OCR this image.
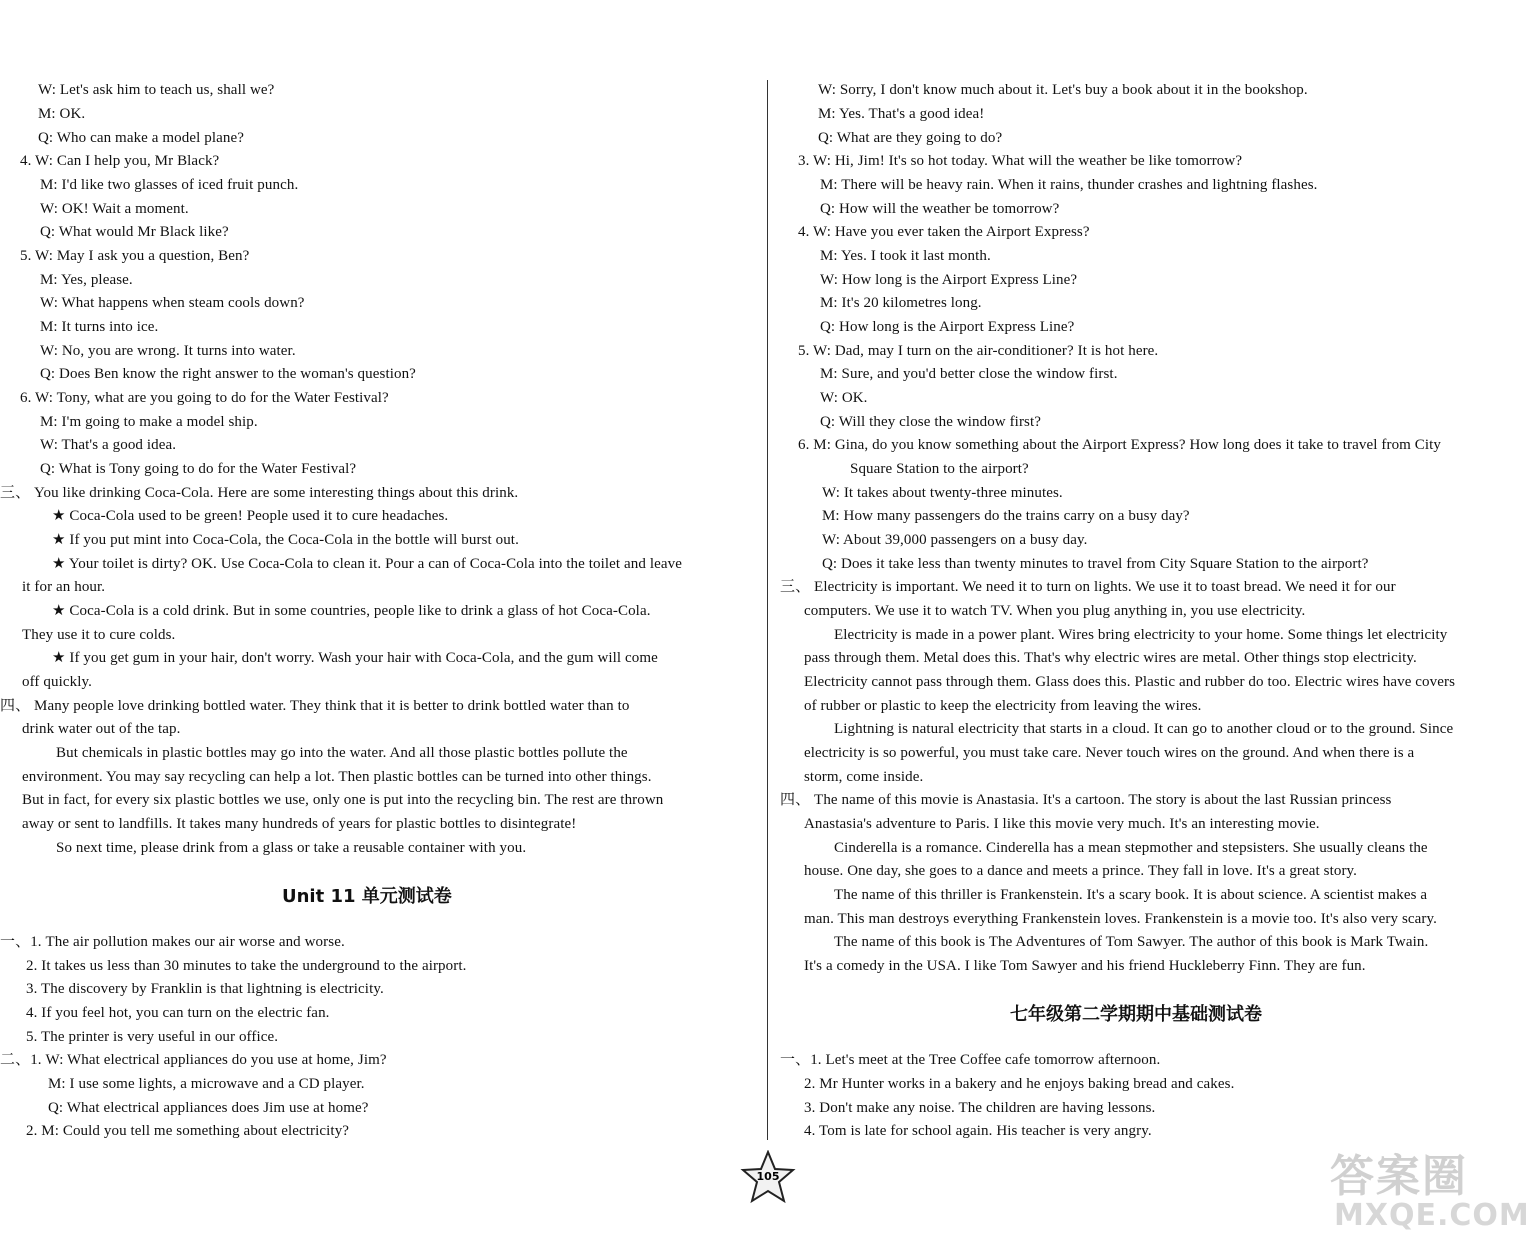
W: Let's ask him to teach us, shall we?
M: OK.
Q: Who can make a model plane?
4. W: Can I help you, Mr Black?
M: I'd like two glasses of iced fruit punch.
W: OK! Wait a moment.
Q: What would Mr Black like?
5. W: May I ask you a question, Ben?
M: Yes, please.
W: What happens when steam cools down?
M: It turns into ice.
W: No, you are wrong. It turns into water.
Q: Does Ben know the right answer to the woman's question?
6. W: Tony, what are you going to do for the Water Festival?
M: I'm going to make a model ship.
W: That's a good idea.
Q: What is Tony going to do for the Water Festival?
三、 You like drinking Coca-Cola. Here are some interesting things about this drink.
★ Coca-Cola used to be green! People used it to cure headaches.
★ If you put mint into Coca-Cola, the Coca-Cola in the bottle will burst out.
★ Your toilet is dirty? OK. Use Coca-Cola to clean it. Pour a can of Coca-Cola into the toilet and leave
it for an hour.
★ Coca-Cola is a cold drink. But in some countries, people like to drink a glass of hot Coca-Cola.
They use it to cure colds.
★ If you get gum in your hair, don't worry. Wash your hair with Coca-Cola, and the gum will come
off quickly.
四、 Many people love drinking bottled water. They think that it is better to drink bottled water than to
drink water out of the tap.
But chemicals in plastic bottles may go into the water. And all those plastic bottles pollute the
environment. You may say recycling can help a lot. Then plastic bottles can be turned into other things.
But in fact, for every six plastic bottles we use, only one is put into the recycling bin. The rest are thrown
away or sent to landfills. It takes many hundreds of years for plastic bottles to disintegrate!
So next time, please drink from a glass or take a reusable container with you.
Unit 11 单元测试卷
一、1. The air pollution makes our air worse and worse.
2. It takes us less than 30 minutes to take the underground to the airport.
3. The discovery by Franklin is that lightning is electricity.
4. If you feel hot, you can turn on the electric fan.
5. The printer is very useful in our office.
二、1. W: What electrical appliances do you use at home, Jim?
M: I use some lights, a microwave and a CD player.
Q: What electrical appliances does Jim use at home?
2. M: Could you tell me something about electricity?
W: Sorry, I don't know much about it. Let's buy a book about it in the bookshop.
M: Yes. That's a good idea!
Q: What are they going to do?
3. W: Hi, Jim! It's so hot today. What will the weather be like tomorrow?
M: There will be heavy rain. When it rains, thunder crashes and lightning flashes.
Q: How will the weather be tomorrow?
4. W: Have you ever taken the Airport Express?
M: Yes. I took it last month.
W: How long is the Airport Express Line?
M: It's 20 kilometres long.
Q: How long is the Airport Express Line?
5. W: Dad, may I turn on the air-conditioner? It is hot here.
M: Sure, and you'd better close the window first.
W: OK.
Q: Will they close the window first?
6. M: Gina, do you know something about the Airport Express? How long does it take to travel from City
Square Station to the airport?
W: It takes about twenty-three minutes.
M: How many passengers do the trains carry on a busy day?
W: About 39,000 passengers on a busy day.
Q: Does it take less than twenty minutes to travel from City Square Station to the airport?
三、 Electricity is important. We need it to turn on lights. We use it to toast bread. We need it for our
computers. We use it to watch TV. When you plug anything in, you use electricity.
Electricity is made in a power plant. Wires bring electricity to your home. Some things let electricity
pass through them. Metal does this. That's why electric wires are metal. Other things stop electricity.
Electricity cannot pass through them. Glass does this. Plastic and rubber do too. Electric wires have covers
of rubber or plastic to keep the electricity from leaving the wires.
Lightning is natural electricity that starts in a cloud. It can go to another cloud or to the ground. Since
electricity is so powerful, you must take care. Never touch wires on the ground. And when there is a
storm, come inside.
四、 The name of this movie is Anastasia. It's a cartoon. The story is about the last Russian princess
Anastasia's adventure to Paris. I like this movie very much. It's an interesting movie.
Cinderella is a romance. Cinderella has a mean stepmother and stepsisters. She usually cleans the
house. One day, she goes to a dance and meets a prince. They fall in love. It's a great story.
The name of this thriller is Frankenstein. It's a scary book. It is about science. A scientist makes a
man. This man destroys everything Frankenstein loves. Frankenstein is a movie too. It's also very scary.
The name of this book is The Adventures of Tom Sawyer. The author of this book is Mark Twain.
It's a comedy in the USA. I like Tom Sawyer and his friend Huckleberry Finn. They are fun.
七年级第二学期期中基础测试卷
一、1. Let's meet at the Tree Coffee cafe tomorrow afternoon.
2. Mr Hunter works in a bakery and he enjoys baking bread and cakes.
3. Don't make any noise. The children are having lessons.
4. Tom is late for school again. His teacher is very angry.
105	答案圈
MXQE.COM
